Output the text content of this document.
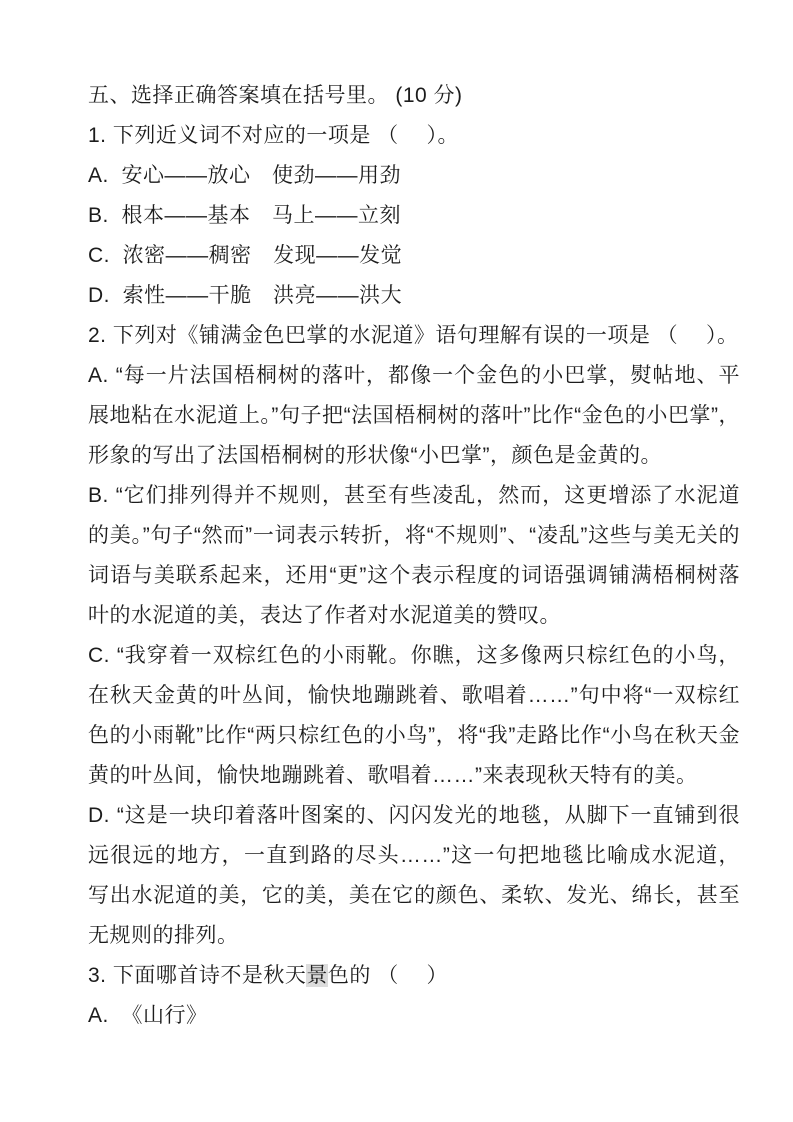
五、选择正确答案填在括号里。 (10 分)

1. 下列近义词不对应的一项是 （　 ）。

A.  安心——放心　使劲——用劲

B.  根本——基本　马上——立刻

C.  浓密——稠密　发现——发觉

D.  索性——干脆　洪亮——洪大

2. 下列对《铺满金色巴掌的水泥道》语句理解有误的一项是 （　 ）。

A. “每一片法国梧桐树的落叶，都像一个金色的小巴掌，熨帖地、平展地粘在水泥道上。”句子把“法国梧桐树的落叶”比作“金色的小巴掌”，形象的写出了法国梧桐树的形状像“小巴掌”，颜色是金黄的。

B. “它们排列得并不规则，甚至有些凌乱，然而，这更增添了水泥道的美。”句子“然而”一词表示转折，将“不规则”、“凌乱”这些与美无关的词语与美联系起来，还用“更”这个表示程度的词语强调铺满梧桐树落叶的水泥道的美，表达了作者对水泥道美的赞叹。

C. “我穿着一双棕红色的小雨靴。你瞧，这多像两只棕红色的小鸟，在秋天金黄的叶丛间，愉快地蹦跳着、歌唱着……”句中将“一双棕红色的小雨靴”比作“两只棕红色的小鸟”，将“我”走路比作“小鸟在秋天金黄的叶丛间，愉快地蹦跳着、歌唱着……”来表现秋天特有的美。

D. “这是一块印着落叶图案的、闪闪发光的地毯，从脚下一直铺到很远很远的地方，一直到路的尽头……”这一句把地毯比喻成水泥道，写出水泥道的美，它的美，美在它的颜色、柔软、发光、绵长，甚至无规则的排列。

3. 下面哪首诗不是秋天景色的 （　 ）

A.  《山行》
